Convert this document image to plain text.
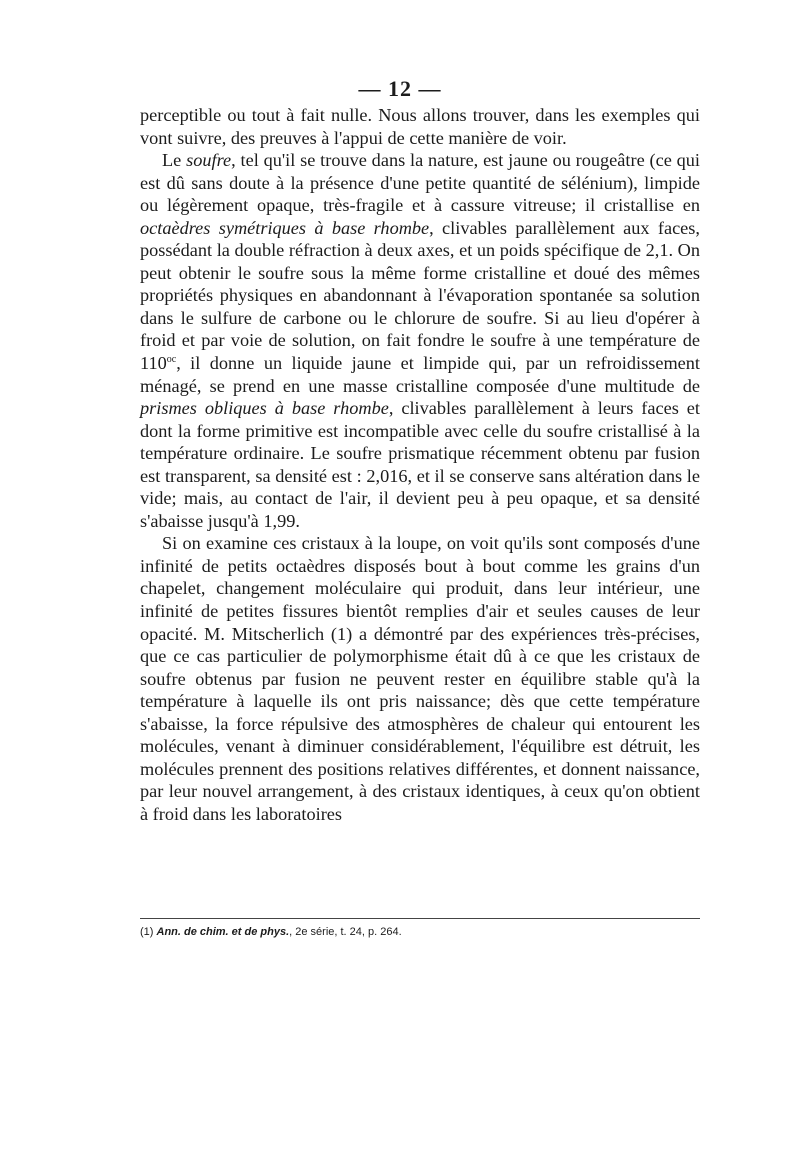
— 12 —

perceptible ou tout à fait nulle. Nous allons trouver, dans les exemples qui vont suivre, des preuves à l'appui de cette manière de voir.

Le soufre, tel qu'il se trouve dans la nature, est jaune ou rougeâtre (ce qui est dû sans doute à la présence d'une petite quantité de sélénium), limpide ou légèrement opaque, très-fragile et à cassure vitreuse; il cristallise en octaèdres symétriques à base rhombe, clivables parallèlement aux faces, possédant la double réfraction à deux axes, et un poids spécifique de 2,1. On peut obtenir le soufre sous la même forme cristalline et doué des mêmes propriétés physiques en abandonnant à l'évaporation spontanée sa solution dans le sulfure de carbone ou le chlorure de soufre. Si au lieu d'opérer à froid et par voie de solution, on fait fondre le soufre à une température de $110^{oc}$, il donne un liquide jaune et limpide qui, par un refroidissement ménagé, se prend en une masse cristalline composée d'une multitude de prismes obliques à base rhombe, clivables parallèlement à leurs faces et dont la forme primitive est incompatible avec celle du soufre cristallisé à la température ordinaire. Le soufre prismatique récemment obtenu par fusion est transparent, sa densité est : 2,016, et il se conserve sans altération dans le vide; mais, au contact de l'air, il devient peu à peu opaque, et sa densité s'abaisse jusqu'à 1,99.

Si on examine ces cristaux à la loupe, on voit qu'ils sont composés d'une infinité de petits octaèdres disposés bout à bout comme les grains d'un chapelet, changement moléculaire qui produit, dans leur intérieur, une infinité de petites fissures bientôt remplies d'air et seules causes de leur opacité. M. Mitscherlich (1) a démontré par des expériences très-précises, que ce cas particulier de polymorphisme était dû à ce que les cristaux de soufre obtenus par fusion ne peuvent rester en équilibre stable qu'à la température à laquelle ils ont pris naissance; dès que cette température s'abaisse, la force répulsive des atmosphères de chaleur qui entourent les molécules, venant à diminuer considérablement, l'équilibre est détruit, les molécules prennent des positions relatives différentes, et donnent naissance, par leur nouvel arrangement, à des cristaux identiques, à ceux qu'on obtient à froid dans les laboratoires

(1) Ann. de chim. et de phys., 2e série, t. 24, p. 264.
